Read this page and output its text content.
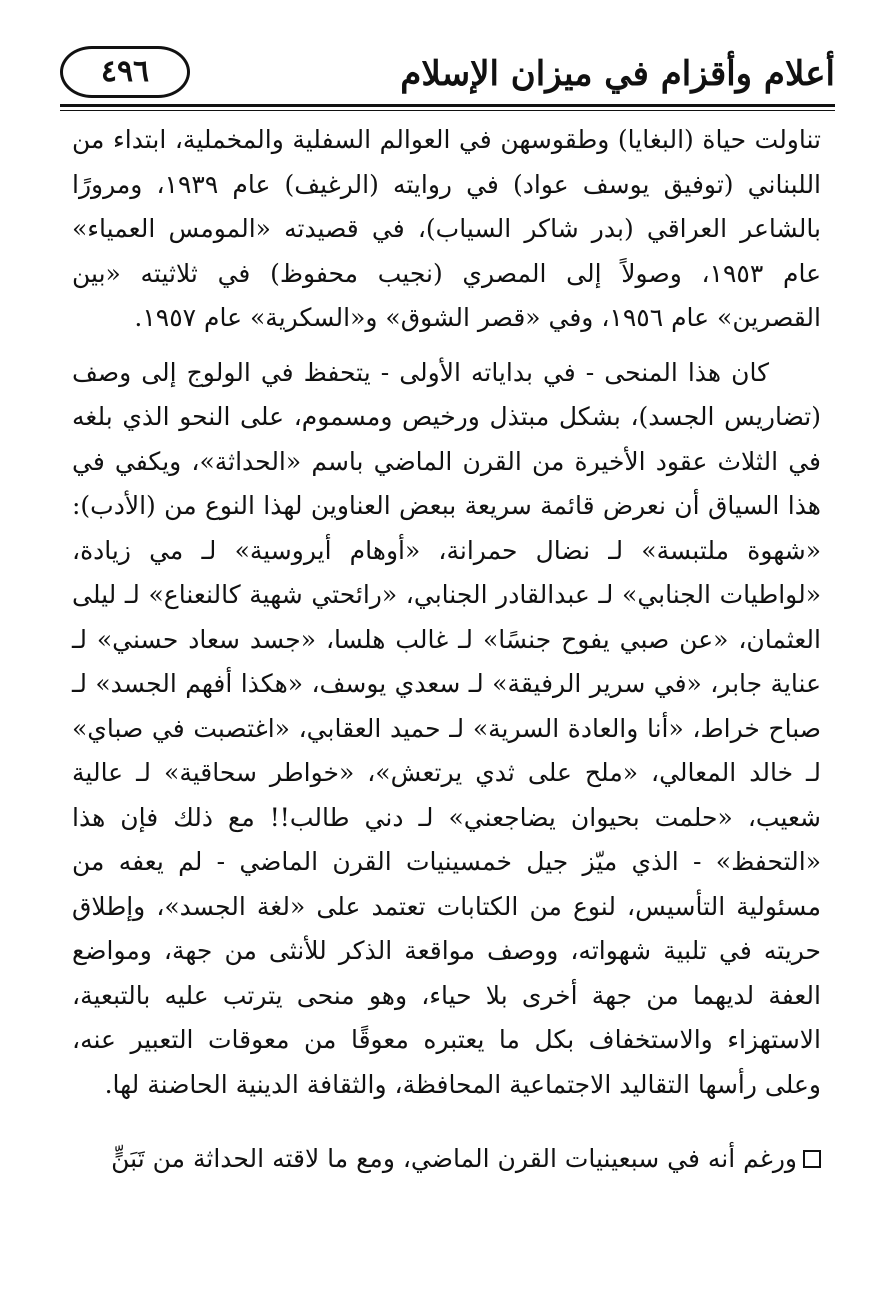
أعلام وأقزام في ميزان الإسلام
٤٩٦

تناولت حياة (البغايا) وطقوسهن في العوالم السفلية والمخملية، ابتداء من اللبناني (توفيق يوسف عواد) في روايته (الرغيف) عام ١٩٣٩، ومرورًا بالشاعر العراقي (بدر شاكر السياب)، في قصيدته «المومس العمياء» عام ١٩٥٣، وصولاً إلى المصري (نجيب محفوظ) في ثلاثيته «بين القصرين» عام ١٩٥٦، وفي «قصر الشوق» و«السكرية» عام ١٩٥٧.

كان هذا المنحى - في بداياته الأولى - يتحفظ في الولوج إلى وصف (تضاريس الجسد)، بشكل مبتذل ورخيص ومسموم، على النحو الذي بلغه في الثلاث عقود الأخيرة من القرن الماضي باسم «الحداثة»، ويكفي في هذا السياق أن نعرض قائمة سريعة ببعض العناوين لهذا النوع من (الأدب): «شهوة ملتبسة» لـ نضال حمرانة، «أوهام أيروسية» لـ مي زيادة، «لواطيات الجنابي» لـ عبدالقادر الجنابي، «رائحتي شهية كالنعناع» لـ ليلى العثمان، «عن صبي يفوح جنسًا» لـ غالب هلسا، «جسد سعاد حسني» لـ عناية جابر، «في سرير الرفيقة» لـ سعدي يوسف، «هكذا أفهم الجسد» لـ صباح خراط، «أنا والعادة السرية» لـ حميد العقابي، «اغتصبت في صباي» لـ خالد المعالي، «ملح على ثدي يرتعش»، «خواطر سحاقية» لـ عالية شعيب، «حلمت بحيوان يضاجعني» لـ دني طالب!! مع ذلك فإن هذا «التحفظ» - الذي ميّز جيل خمسينيات القرن الماضي - لم يعفه من مسئولية التأسيس، لنوع من الكتابات تعتمد على «لغة الجسد»، وإطلاق حريته في تلبية شهواته، ووصف مواقعة الذكر للأنثى من جهة، ومواضع العفة لديهما من جهة أخرى بلا حياء، وهو منحى يترتب عليه بالتبعية، الاستهزاء والاستخفاف بكل ما يعتبره معوقًا من معوقات التعبير عنه، وعلى رأسها التقاليد الاجتماعية المحافظة، والثقافة الدينية الحاضنة لها.

ورغم أنه في سبعينيات القرن الماضي، ومع ما لاقته الحداثة من تَبَنٍّ
